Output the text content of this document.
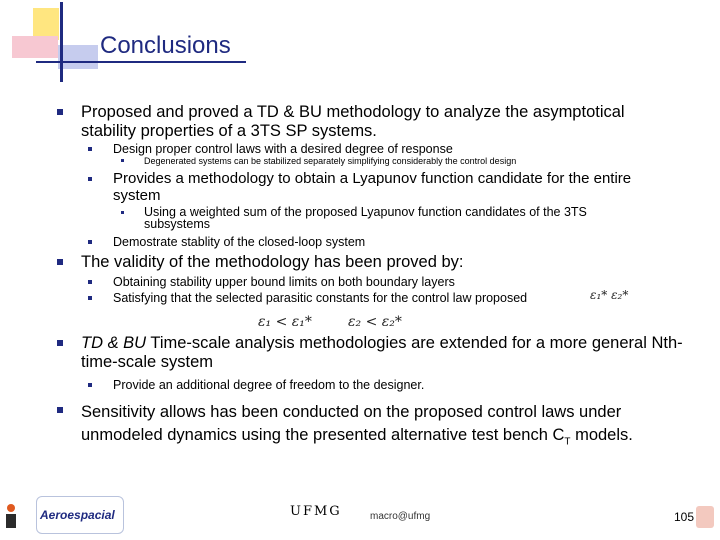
Conclusions
Proposed and proved a TD & BU methodology to analyze the asymptotical stability properties of a 3TS SP systems.
Design proper control laws with a desired degree of response
Degenerated systems can be stabilized separately simplifying considerably the control design
Provides a methodology to obtain a Lyapunov function candidate for the entire system
Using a weighted sum of the proposed Lyapunov function candidates of the 3TS subsystems
Demostrate stablity of the closed-loop system
The validity of the methodology has been proved by:
Obtaining stability upper bound limits on both boundary layers
Satisfying that the selected parasitic constants for the control law proposed	ε₁* ε₂*
ε₁ < ε₁*	ε₂ < ε₂*
TD & BU Time-scale analysis methodologies are extended for a more general Nth-time-scale system
Provide an additional degree of freedom to the designer.
Sensitivity allows has been conducted on the proposed control laws under unmodeled dynamics using the presented alternative test bench $C_T$ models.
Aeroespacial	UFMG	macro@ufmg	105
